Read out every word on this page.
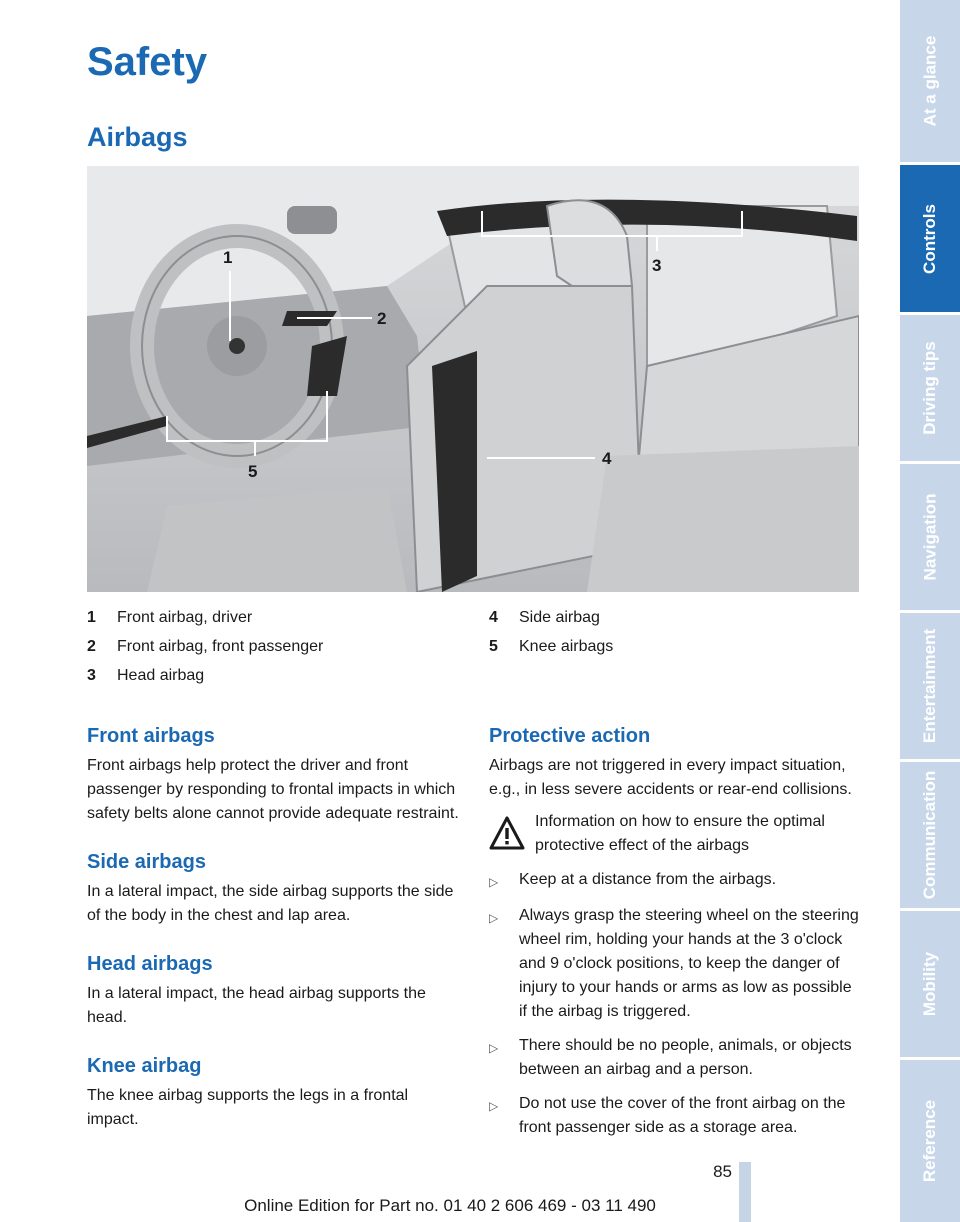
Safety
Airbags
1
2
3
4
5
1	Front airbag, driver
2	Front airbag, front passenger
3	Head airbag
4	Side airbag
5	Knee airbags
Front airbags

Front airbags help protect the driver and front passenger by responding to frontal impacts in which safety belts alone cannot provide adequate restraint.

Side airbags

In a lateral impact, the side airbag supports the side of the body in the chest and lap area.

Head airbags

In a lateral impact, the head airbag supports the head.

Knee airbag

The knee airbag supports the legs in a frontal impact.

Protective action

Airbags are not triggered in every impact situation, e.g., in less severe accidents or rear-end collisions.

Information on how to ensure the optimal protective effect of the airbags
▷	Keep at a distance from the airbags.
▷	Always grasp the steering wheel on the steering wheel rim, holding your hands at the 3 o'clock and 9 o'clock positions, to keep the danger of injury to your hands or arms as low as possible if the airbag is triggered.
▷	There should be no people, animals, or objects between an airbag and a person.
▷	Do not use the cover of the front airbag on the front passenger side as a storage area.
85
Online Edition for Part no. 01 40 2 606 469 - 03 11 490
At a glance
Controls
Driving tips
Navigation
Entertainment
Communication
Mobility
Reference
